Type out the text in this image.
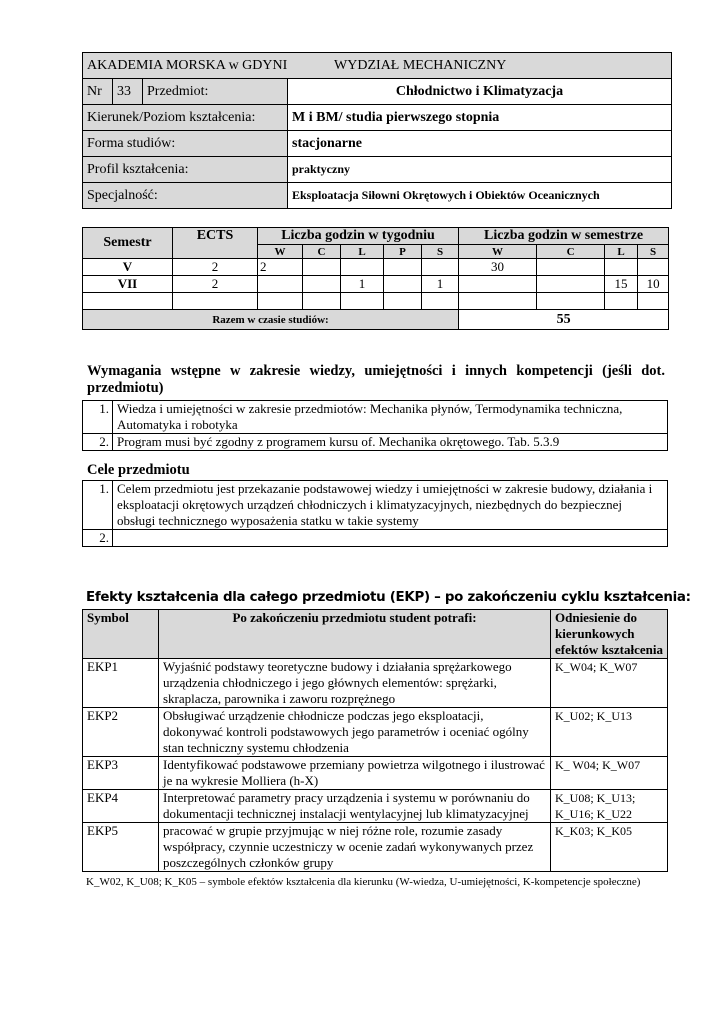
AKADEMIA MORSKA w GDYNI WYDZIAŁ MECHANICZNY			
Nr	33	Przedmiot:	Chłodnictwo i Klimatyzacja
Kierunek/Poziom kształcenia:			M i BM/ studia pierwszego stopnia
Forma studiów:			stacjonarne
Profil kształcenia:			praktyczny
Specjalność:			Eksploatacja Siłowni Okrętowych i Obiektów Oceanicznych
Semestr	ECTS	Liczba godzin w tygodniu					Liczba godzin w semestrze			
		W	C	L	P	S	W	C	L	S
V	2	2					30			
VII	2			1		1			15	10

Razem w czasie studiów:							55			

Wymagania wstępne w zakresie wiedzy, umiejętności i innych kompetencji (jeśli dot. przedmiotu)

1.	Wiedza i umiejętności w zakresie przedmiotów: Mechanika płynów, Termodynamika techniczna, Automatyka i robotyka
2.	Program musi być zgodny z programem kursu of. Mechanika okrętowego. Tab. 5.3.9

Cele przedmiotu

1.	Celem przedmiotu jest przekazanie podstawowej wiedzy i umiejętności w zakresie budowy, działania i eksploatacji okrętowych urządzeń chłodniczych i klimatyzacyjnych, niezbędnych do bezpiecznej obsługi technicznego wyposażenia statku w takie systemy
2.	

Efekty kształcenia dla całego przedmiotu (EKP) – po zakończeniu cyklu kształcenia:

Symbol	Po zakończeniu przedmiotu student potrafi:	Odniesienie do kierunkowych efektów kształcenia
EKP1	Wyjaśnić podstawy teoretyczne budowy i działania sprężarkowego urządzenia chłodniczego i jego głównych elementów: sprężarki, skraplacza, parownika i zaworu rozprężnego	K_W04; K_W07
EKP2	Obsługiwać urządzenie chłodnicze podczas jego eksploatacji, dokonywać kontroli podstawowych jego parametrów i oceniać ogólny stan techniczny systemu chłodzenia	K_U02; K_U13
EKP3	Identyfikować podstawowe przemiany powietrza wilgotnego i ilustrować je na wykresie Molliera (h-X)	K_ W04; K_W07
EKP4	Interpretować parametry pracy urządzenia i systemu w porównaniu do dokumentacji technicznej instalacji wentylacyjnej lub klimatyzacyjnej	K_U08; K_U13; K_U16; K_U22
EKP5	pracować w grupie przyjmując w niej różne role, rozumie zasady współpracy, czynnie uczestniczy w ocenie zadań wykonywanych przez poszczególnych członków grupy	K_K03; K_K05

K_W02, K_U08; K_K05 – symbole efektów kształcenia dla kierunku (W-wiedza, U-umiejętności, K-kompetencje społeczne)
